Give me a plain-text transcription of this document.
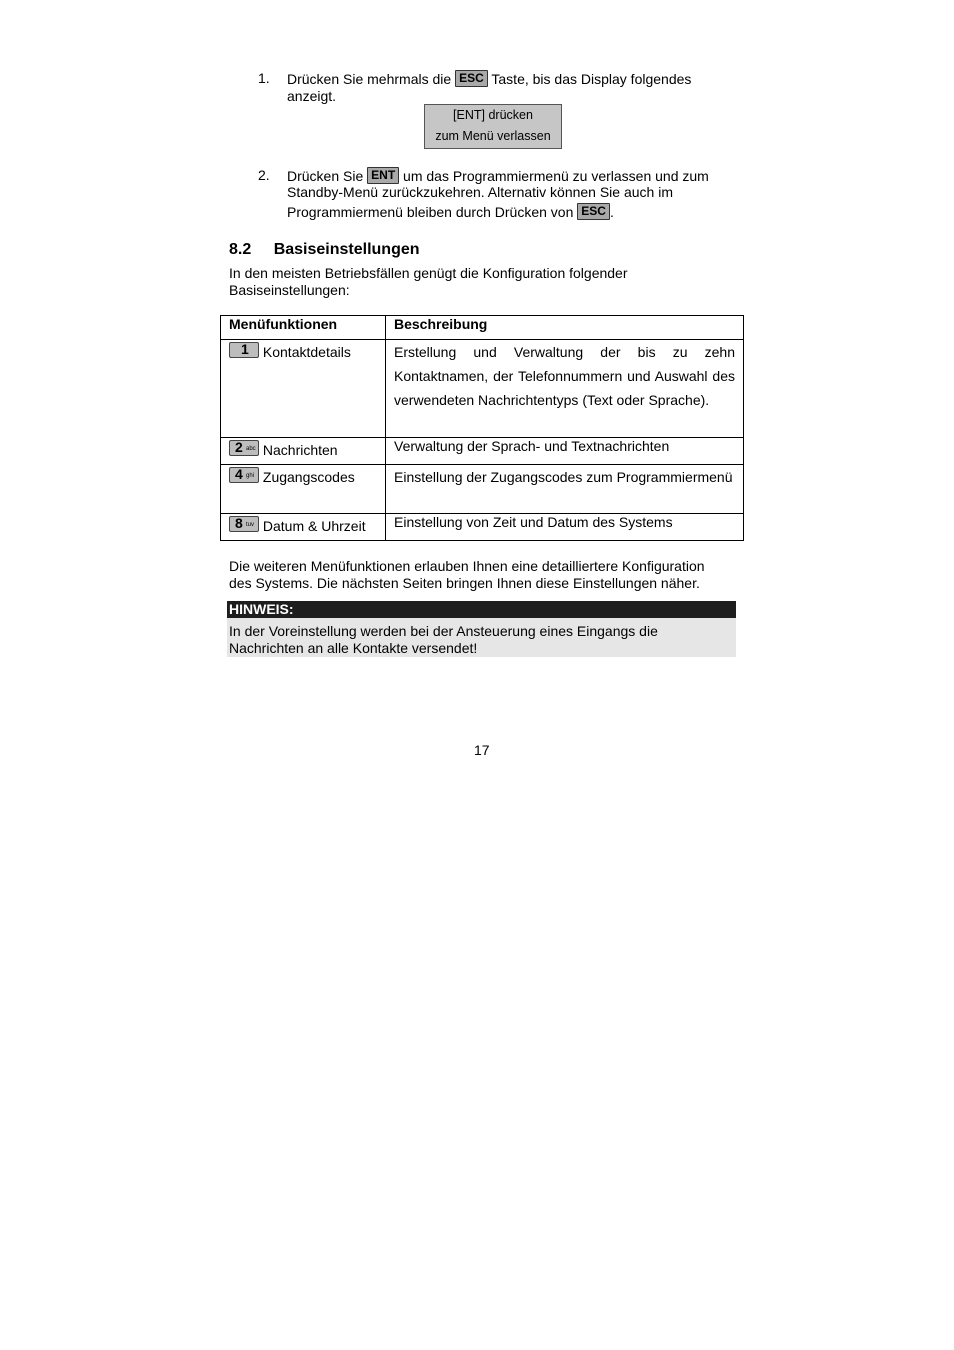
1. Drücken Sie mehrmals die ESC Taste, bis das Display folgendes
anzeigt.
[ENT] drücken
zum Menü verlassen
2. Drücken Sie ENT um das Programmiermenü zu verlassen und zum
Standby-Menü zurückzukehren. Alternativ können Sie auch im
Programmiermenü bleiben durch Drücken von ESC .
8.2 Basiseinstellungen
In den meisten Betriebsfällen genügt die Konfiguration folgender
Basiseinstellungen:
Menüfunktionen	Beschreibung

1 Kontaktdetails	Erstellung und Verwaltung der bis zu zehn Kontaktnamen, der Telefonnummern und Auswahl des verwendeten Nachrichtentyps (Text oder Sprache).

2 abc Nachrichten	Verwaltung der Sprach- und Textnachrichten

4 ghi Zugangscodes	Einstellung der Zugangscodes zum Programmiermenü

8 tuv Datum & Uhrzeit	Einstellung von Zeit und Datum des Systems
Die weiteren Menüfunktionen erlauben Ihnen eine detailliertere Konfiguration
des Systems. Die nächsten Seiten bringen Ihnen diese Einstellungen näher.
HINWEIS:
In der Voreinstellung werden bei der Ansteuerung eines Eingangs die
Nachrichten an alle Kontakte versendet!
17
